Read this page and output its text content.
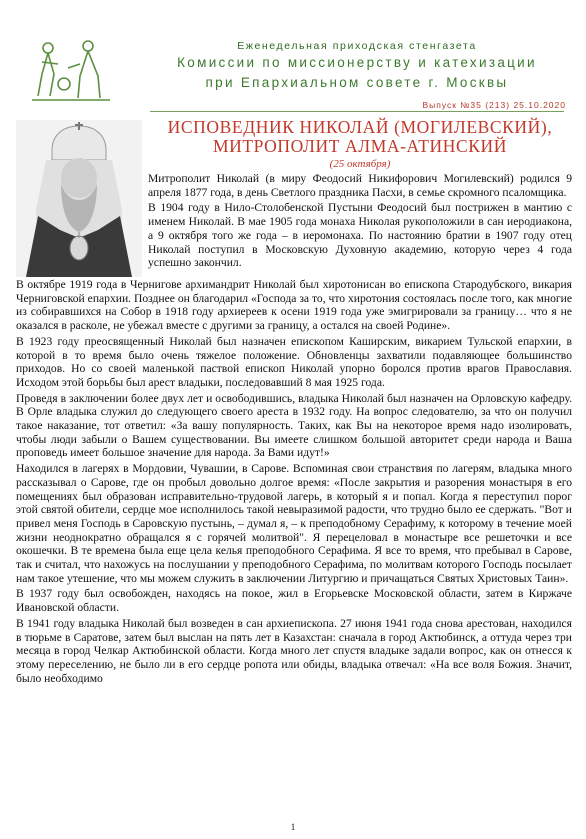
Еженедельная приходская стенгазета
Комиссии по миссионерству и катехизации
при Епархиальном совете г. Москвы
Выпуск №35 (213) 25.10.2020
ИСПОВЕДНИК НИКОЛАЙ (МОГИЛЕВСКИЙ),
МИТРОПОЛИТ АЛМА-АТИНСКИЙ
(25 октября)

Митрополит Николай (в миру Феодосий Никифорович Могилевский) родился 9 апреля 1877 года, в день Светлого праздника Пасхи, в семье скромного псаломщика.

В 1904 году в Нило-Столобенской Пустыни Феодосий был пострижен в мантию с именем Николай. В мае 1905 года монаха Николая рукоположили в сан иеродиакона, а 9 октября того же года – в иеромонаха. По настоянию братии в 1907 году отец Николай поступил в Московскую Духовную академию, которую через 4 года успешно закончил.

В октябре 1919 года в Чернигове архимандрит Николай был хиротонисан во епископа Стародубского, викария Черниговской епархии. Позднее он благодарил «Господа за то, что хиротония состоялась после того, как многие из собиравшихся на Собор в 1918 году архиереев к осени 1919 года уже эмигрировали за границу… что я не оказался в расколе, не убежал вместе с другими за границу, а остался на своей Родине».

В 1923 году преосвященный Николай был назначен епископом Каширским, викарием Тульской епархии, в которой в то время было очень тяжелое положение. Обновленцы захватили подавляющее большинство приходов. Но со своей маленькой паствой епископ Николай упорно боролся против врагов Православия. Исходом этой борьбы был арест владыки, последовавший 8 мая 1925 года.

Проведя в заключении более двух лет и освободившись, владыка Николай был назначен на Орловскую кафедру. В Орле владыка служил до следующего своего ареста в 1932 году. На вопрос следователю, за что он получил такое наказание, тот ответил: «За вашу популярность. Таких, как Вы на некоторое время надо изолировать, чтобы люди забыли о Вашем существовании. Вы имеете слишком большой авторитет среди народа и Ваша проповедь имеет большое значение для народа. За Вами идут!»

Находился в лагерях в Мордовии, Чувашии, в Сарове. Вспоминая свои странствия по лагерям, владыка много рассказывал о Сарове, где он пробыл довольно долгое время: «После закрытия и разорения монастыря в его помещениях был образован исправительно-трудовой лагерь, в который я и попал. Когда я переступил порог этой святой обители, сердце мое исполнилось такой невыразимой радости, что трудно было ее сдержать. "Вот и привел меня Господь в Саровскую пустынь, – думал я, – к преподобному Серафиму, к которому в течение моей жизни неоднократно обращался я с горячей молитвой". Я перецеловал в монастыре все решеточки и все окошечки. В те времена была еще цела келья преподобного Серафима. Я все то время, что пребывал в Сарове, так и считал, что нахожусь на послушании у преподобного Серафима, по молитвам которого Господь посылает нам такое утешение, что мы можем служить в заключении Литургию и причащаться Святых Христовых Таин».

В 1937 году был освобожден, находясь на покое, жил в Егорьевске Московской области, затем в Киржаче Ивановской области.

В 1941 году владыка Николай был возведен в сан архиепископа. 27 июня 1941 года снова арестован, находился в тюрьме в Саратове, затем был выслан на пять лет в Казахстан: сначала в город Актюбинск, а оттуда через три месяца в город Челкар Актюбинской области. Когда много лет спустя владыке задали вопрос, как он отнесся к этому переселению, не было ли в его сердце ропота или обиды, владыка отвечал: «На все воля Божия. Значит, было необходимо

1
